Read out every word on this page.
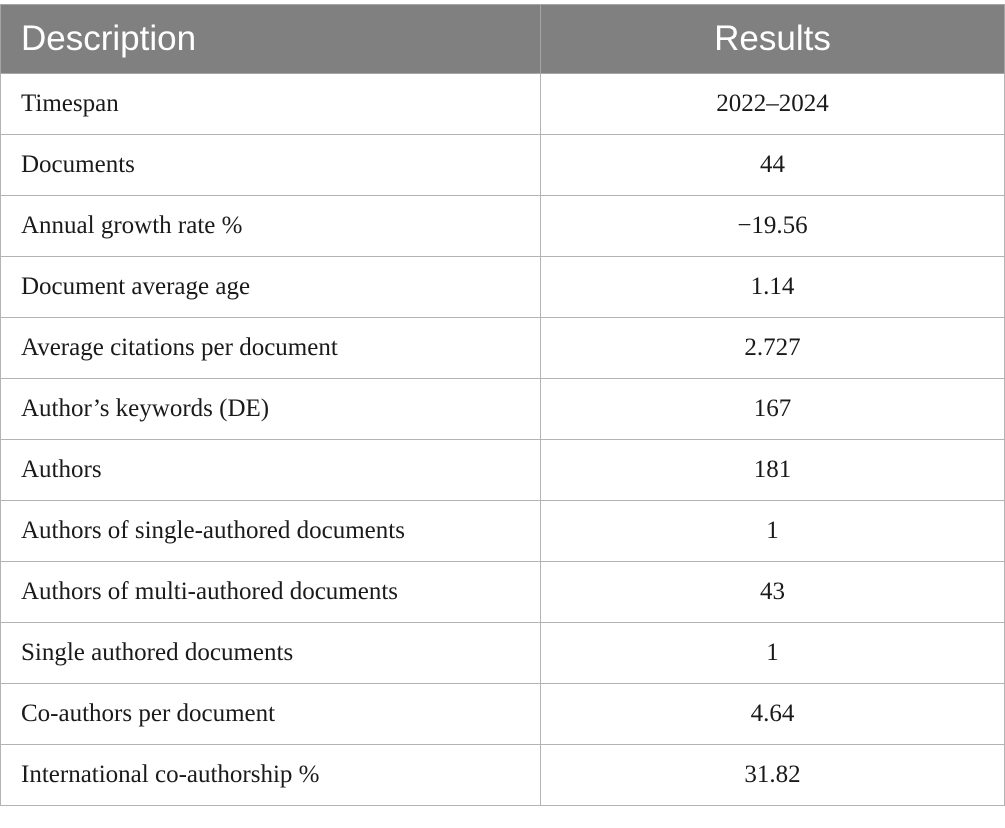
Description	Results
Timespan	2022–2024
Documents	44
Annual growth rate %	−19.56
Document average age	1.14
Average citations per document	2.727
Author’s keywords (DE)	167
Authors	181
Authors of single-authored documents	1
Authors of multi-authored documents	43
Single authored documents	1
Co-authors per document	4.64
International co-authorship %	31.82
